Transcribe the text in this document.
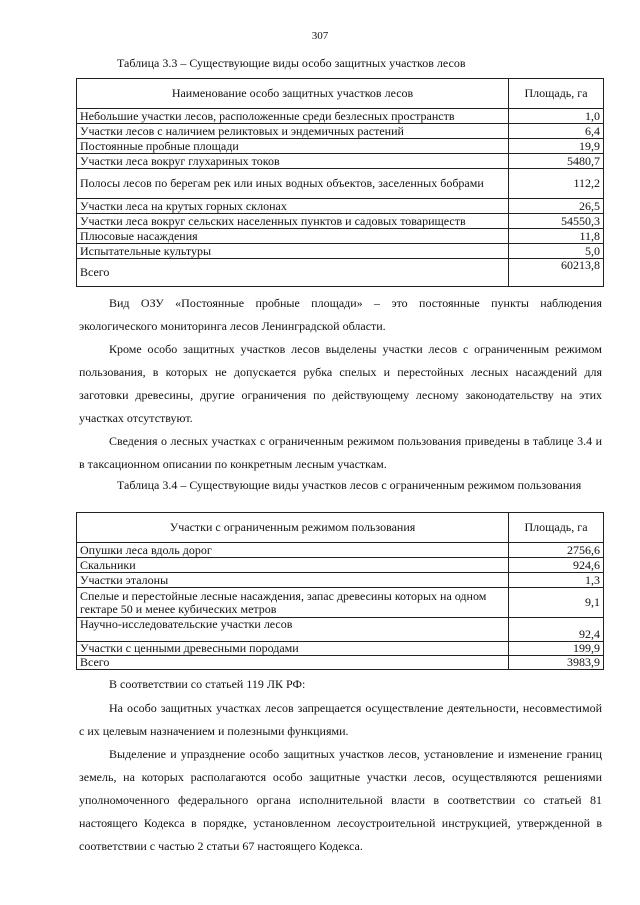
307
Таблица 3.3 – Существующие виды особо защитных участков лесов
Наименование особо защитных участков лесов	Площадь, га
Небольшие участки лесов, расположенные среди безлесных пространств	1,0
Участки лесов с наличием реликтовых и эндемичных растений	6,4
Постоянные пробные площади	19,9
Участки леса вокруг глухариных токов	5480,7
Полосы лесов по берегам рек или иных водных объектов, заселенных бобрами	112,2
Участки леса на крутых горных склонах	26,5
Участки леса вокруг сельских населенных пунктов и садовых товариществ	54550,3
Плюсовые насаждения	11,8
Испытательные культуры	5,0
Всего	60213,8

Вид ОЗУ «Постоянные пробные площади» – это постоянные пункты наблюдения экологического мониторинга лесов Ленинградской области.

Кроме особо защитных участков лесов выделены участки лесов с ограниченным режимом пользования, в которых не допускается рубка спелых и перестойных лесных насаждений для заготовки древесины, другие ограничения по действующему лесному законодательству на этих участках отсутствуют.

Сведения о лесных участках с ограниченным режимом пользования приведены в таблице 3.4 и в таксационном описании по конкретным лесным участкам.

Таблица 3.4 – Существующие виды участков лесов с ограниченным режимом пользования
Участки с ограниченным режимом пользования	Площадь, га
Опушки леса вдоль дорог	2756,6
Скальники	924,6
Участки эталоны	1,3
Спелые и перестойные лесные насаждения, запас древесины которых на одном гектаре 50 и менее кубических метров	9,1
Научно-исследовательские участки лесов	92,4
Участки с ценными древесными породами	199,9
Всего	3983,9

В соответствии со статьей 119 ЛК РФ:

На особо защитных участках лесов запрещается осуществление деятельности, несовместимой с их целевым назначением и полезными функциями.

Выделение и упразднение особо защитных участков лесов, установление и изменение границ земель, на которых располагаются особо защитные участки лесов, осуществляются решениями уполномоченного федерального органа исполнительной власти в соответствии со статьей 81 настоящего Кодекса в порядке, установленном лесоустроительной инструкцией, утвержденной в соответствии с частью 2 статьи 67 настоящего Кодекса.
